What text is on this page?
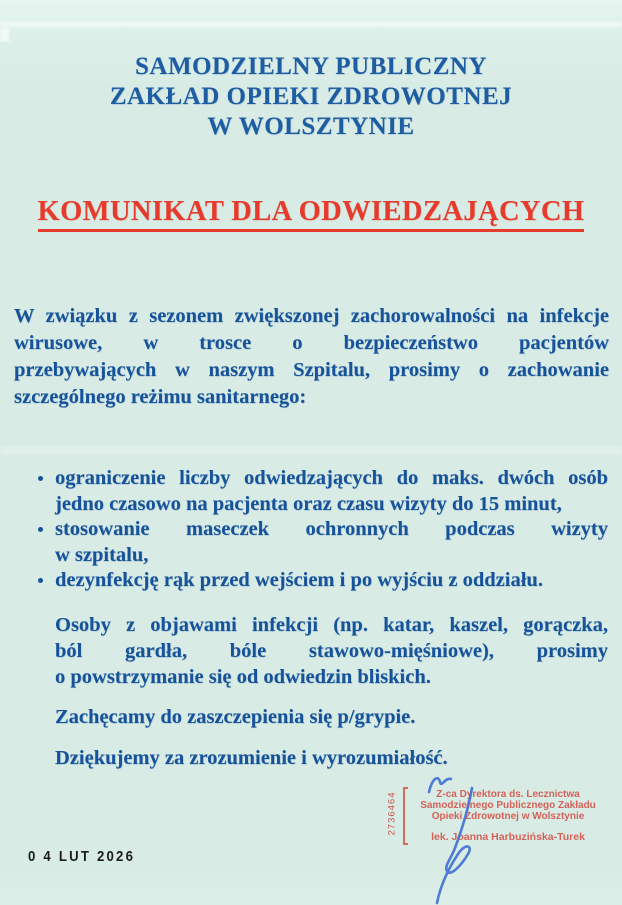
SAMODZIELNY PUBLICZNY
ZAKŁAD OPIEKI ZDROWOTNEJ
W WOLSZTYNIE
KOMUNIKAT DLA ODWIEDZAJĄCYCH
W związku z sezonem zwiększonej zachorowalności na infekcje
wirusowe, w trosce o bezpieczeństwo pacjentów
przebywających w naszym Szpitalu, prosimy o zachowanie
szczególnego reżimu sanitarnego:
ograniczenie liczby odwiedzających do maks. dwóch osób
jedno czasowo na pacjenta oraz czasu wizyty do 15 minut,
stosowanie maseczek ochronnych podczas wizyty
w szpitalu,
dezynfekcję rąk przed wejściem i po wyjściu z oddziału.
Osoby z objawami infekcji (np. katar, kaszel, gorączka,
ból gardła, bóle stawowo-mięśniowe), prosimy
o powstrzymanie się od odwiedzin bliskich.
Zachęcamy do zaszczepienia się p/grypie.
Dziękujemy za zrozumienie i wyrozumiałość.
0 4 LUT 2026
2736464	Z-ca Dyrektora ds. Lecznictwa
Samodzielnego Publicznego Zakładu
Opieki Zdrowotnej w Wolsztynie
lek. Joanna Harbuzińska-Turek
